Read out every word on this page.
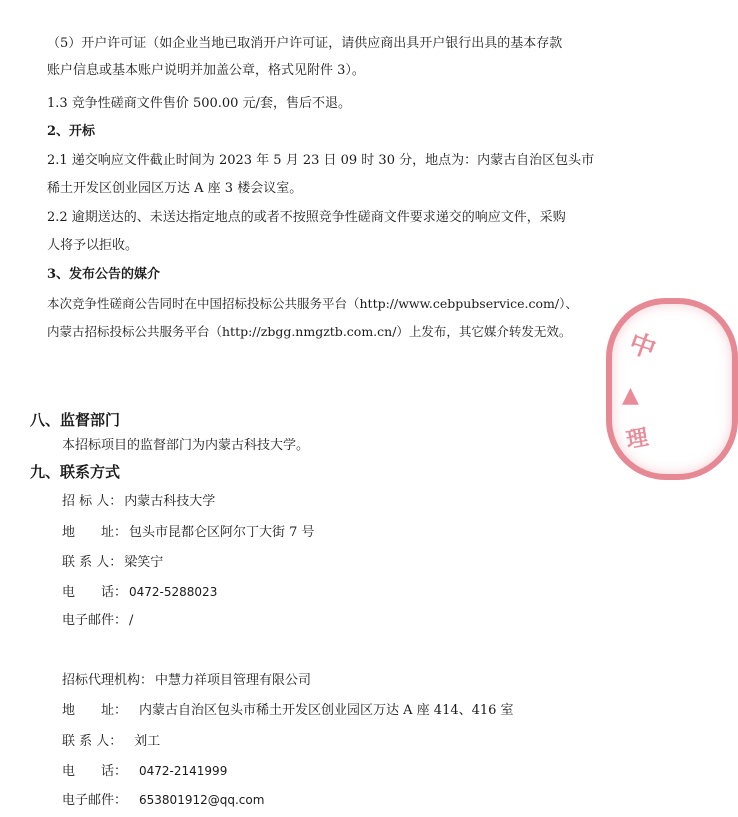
（5）开户许可证（如企业当地已取消开户许可证，请供应商出具开户银行出具的基本存款
账户信息或基本账户说明并加盖公章，格式见附件 3）。
1.3 竞争性磋商文件售价 500.00 元/套，售后不退。
2、开标
2.1 递交响应文件截止时间为 2023 年 5 月 23 日 09 时 30 分，地点为：内蒙古自治区包头市
稀土开发区创业园区万达 A 座 3 楼会议室。
2.2 逾期送达的、未送达指定地点的或者不按照竞争性磋商文件要求递交的响应文件，采购
人将予以拒收。
3、发布公告的媒介
本次竞争性磋商公告同时在中国招标投标公共服务平台（http://www.cebpubservice.com/）、
内蒙古招标投标公共服务平台（http://zbgg.nmgztb.com.cn/）上发布，其它媒介转发无效。
八、监督部门
本招标项目的监督部门为内蒙古科技大学。
九、联系方式
招 标 人： 内蒙古科技大学
地　　址： 包头市昆都仑区阿尔丁大街 7 号
联 系 人： 梁笑宁
电　　话： 0472-5288023
电子邮件： /
招标代理机构： 中慧力祥项目管理有限公司
地　　址： 内蒙古自治区包头市稀土开发区创业园区万达 A 座 414、416 室
联 系 人： 刘工
电　　话： 0472-2141999
电子邮件： 653801912@qq.com
中
▲
理
